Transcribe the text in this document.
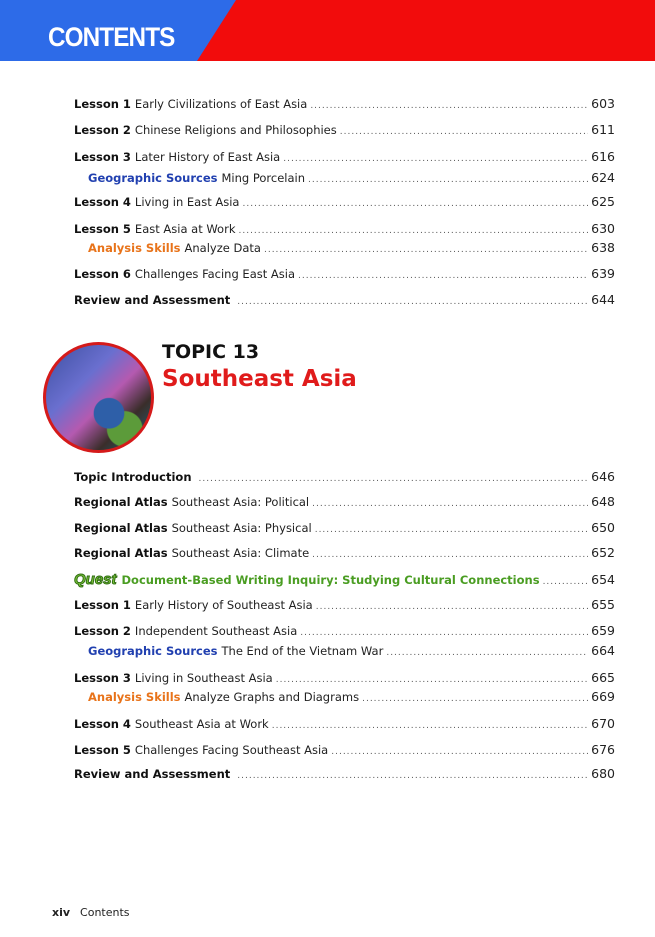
CONTENTS
Lesson 1 Early Civilizations of East Asia .....	603
Lesson 2 Chinese Religions and Philosophies .....	611
Lesson 3 Later History of East Asia .....	616
Geographic Sources Ming Porcelain .....	624
Lesson 4 Living in East Asia .....	625
Lesson 5 East Asia at Work .....	630
Analysis Skills Analyze Data .....	638
Lesson 6 Challenges Facing East Asia .....	639
Review and Assessment .....	644
TOPIC 13
Southeast Asia
Topic Introduction .....	646
Regional Atlas Southeast Asia: Political .....	648
Regional Atlas Southeast Asia: Physical .....	650
Regional Atlas Southeast Asia: Climate .....	652
Quest Document-Based Writing Inquiry: Studying Cultural Connections .....	654
Lesson 1 Early History of Southeast Asia .....	655
Lesson 2 Independent Southeast Asia .....	659
Geographic Sources The End of the Vietnam War .....	664
Lesson 3 Living in Southeast Asia .....	665
Analysis Skills Analyze Graphs and Diagrams .....	669
Lesson 4 Southeast Asia at Work .....	670
Lesson 5 Challenges Facing Southeast Asia .....	676
Review and Assessment .....	680
xiv Contents
